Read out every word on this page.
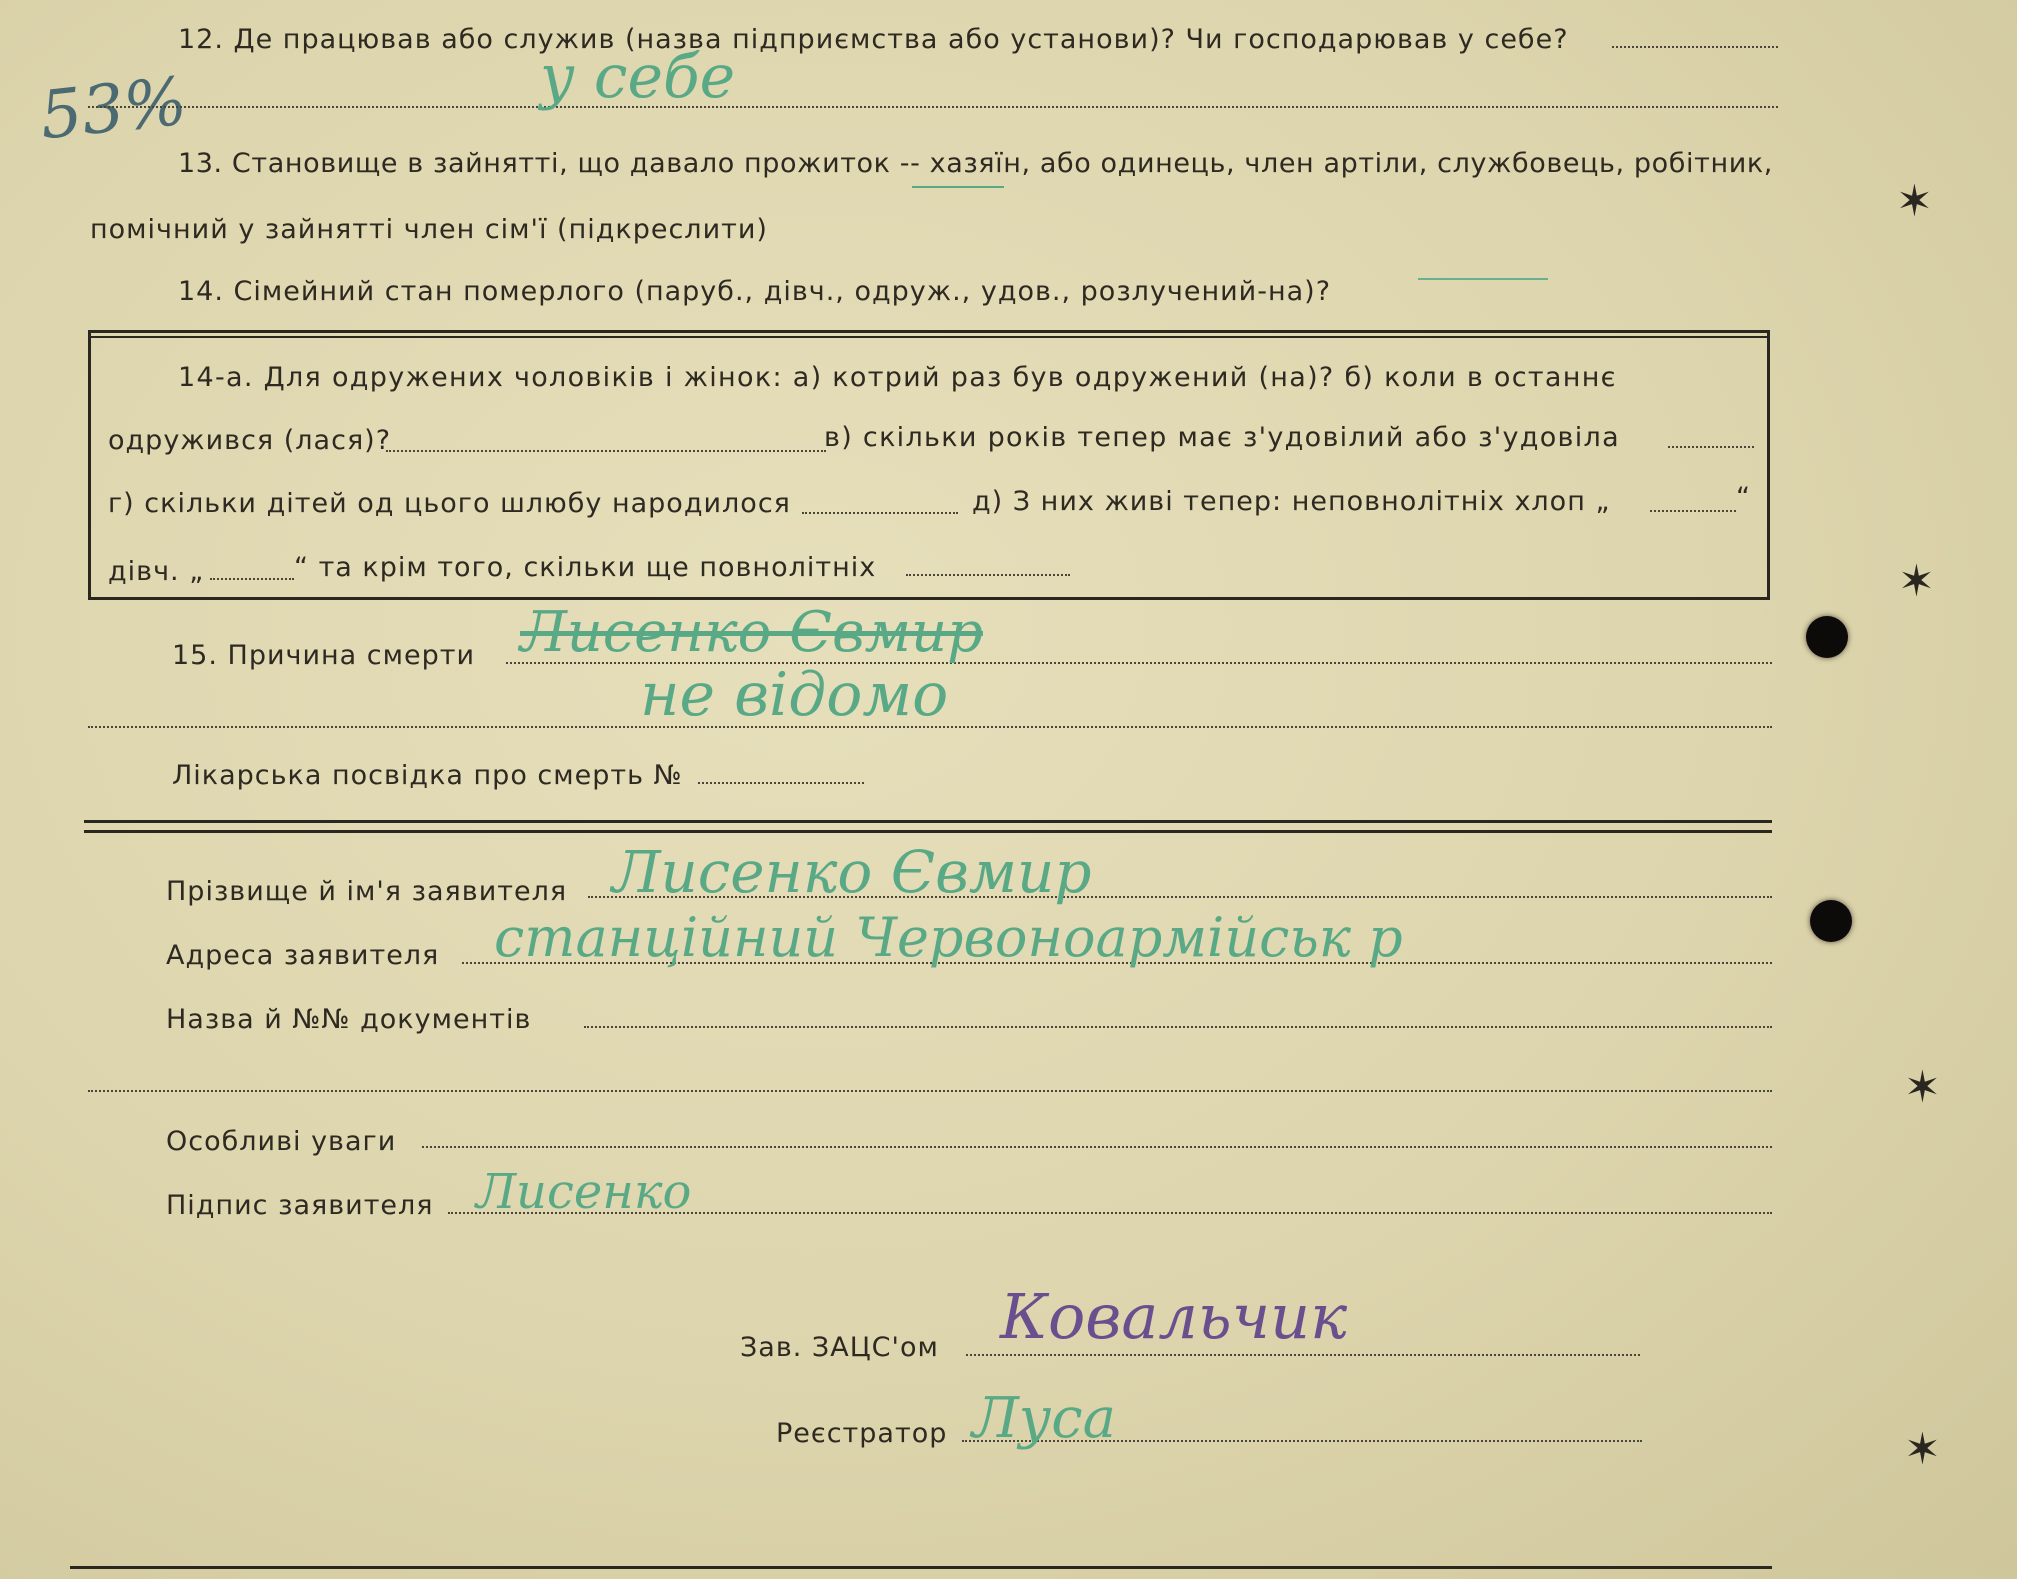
53%
12. Де працював або служив (назва підприємства або установи)? Чи господарював у себе?
у себе
13. Становище в зайнятті, що давало прожиток -- хазяїн, або одинець, член артіли, службовець, робітник,
помічний у зайнятті член сім'ї (підкреслити)
14. Сімейний стан померлого (паруб., дівч., одруж., удов., розлучений-на)?
14-а. Для одружених чоловіків і жінок: а) котрий раз був одружений (на)? б) коли в останнє
одружився (лася)?	в) скільки років тепер має з'удовілий або з'удовіла
г) скільки дітей од цього шлюбу народилося	д) З них живі тепер: неповнолітніх хлоп „	“
дівч. „	“ та крім того, скільки ще повнолітніх
15. Причина смерти Лисенко Євмир
не відомо
Лікарська посвідка про смерть №
Прізвище й ім'я заявителя Лисенко Євмир
Адреса заявителя станційний Червоноармійськ р
Назва й №№ документів
Особливі уваги
Підпис заявителя Лисенко
Зав. ЗАЦС'ом Ковальчик
Реєстратор Луса
✶
✶
✶
✶
